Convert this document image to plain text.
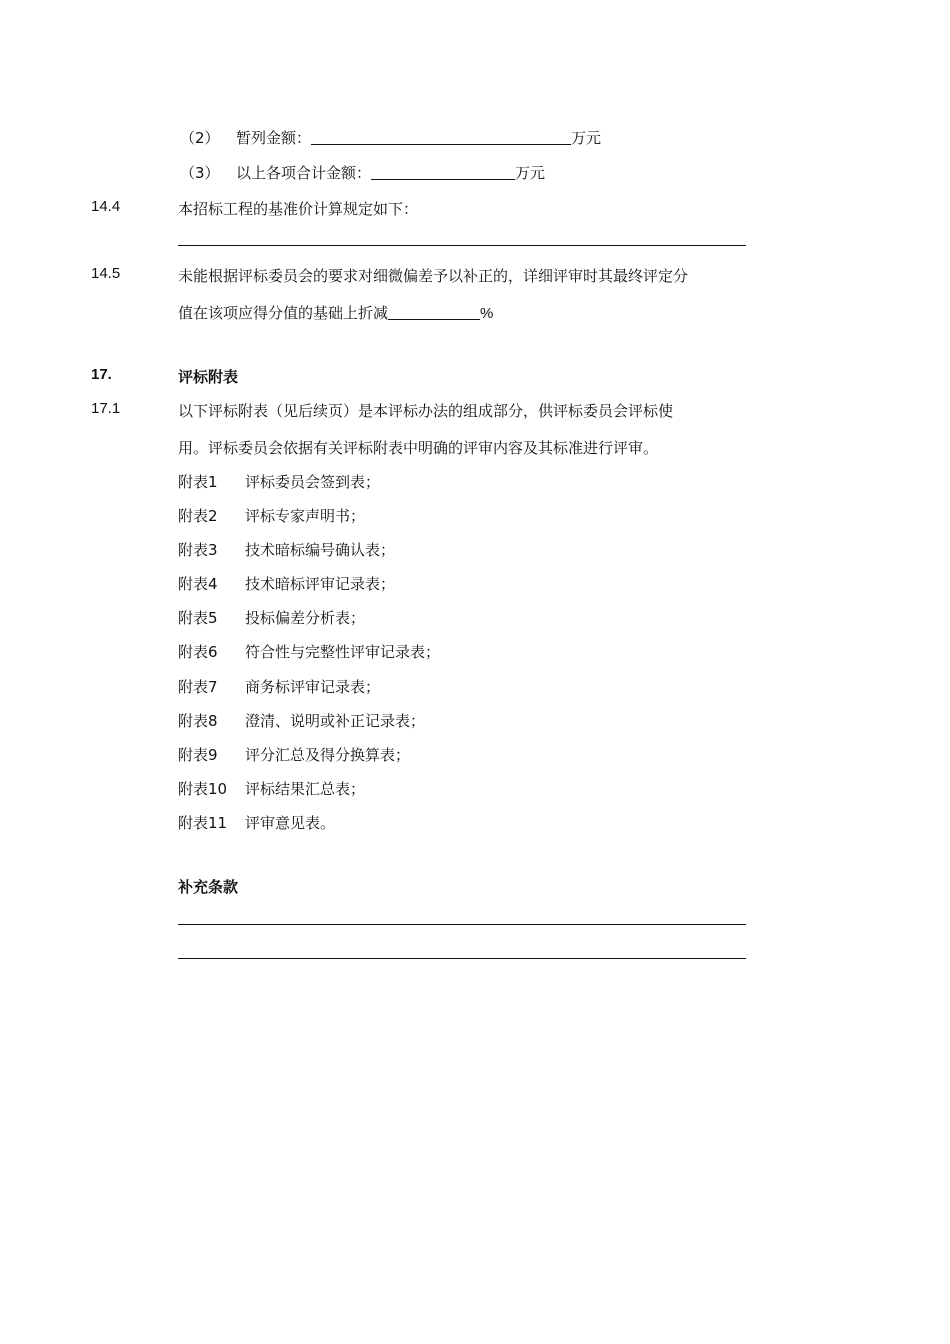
（2） 暂列金额：	万元
（3） 以上各项合计金额：	万元
14.4	本招标工程的基准价计算规定如下：
14.5	未能根据评标委员会的要求对细微偏差予以补正的，详细评审时其最终评定分
值在该项应得分值的基础上折减	%
17.	评标附表
17.1	以下评标附表（见后续页）是本评标办法的组成部分，供评标委员会评标使
用。评标委员会依据有关评标附表中明确的评审内容及其标准进行评审。
附表1 评标委员会签到表；
附表2 评标专家声明书；
附表3 技术暗标编号确认表；
附表4 技术暗标评审记录表；
附表5 投标偏差分析表；
附表6 符合性与完整性评审记录表；
附表7 商务标评审记录表；
附表8 澄清、说明或补正记录表；
附表9 评分汇总及得分换算表；
附表10 评标结果汇总表；
附表11 评审意见表。
补充条款
